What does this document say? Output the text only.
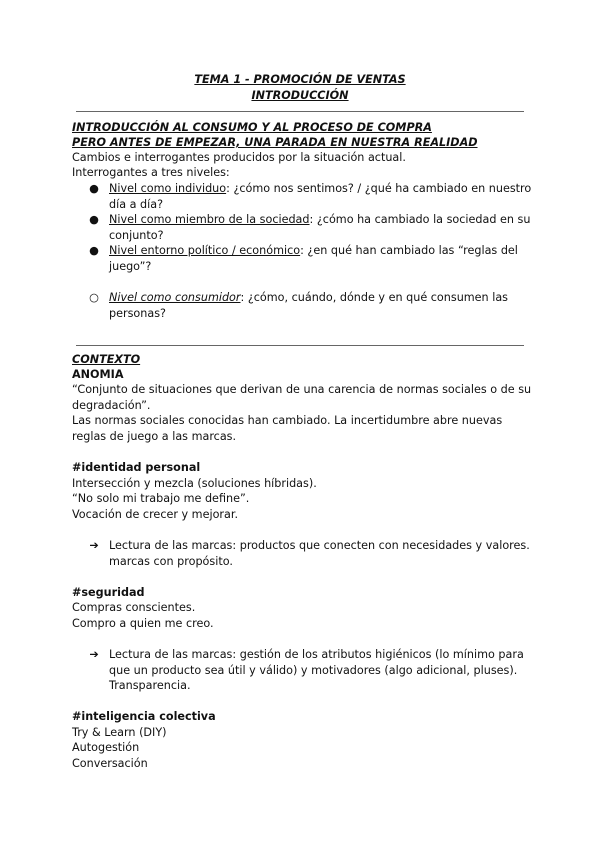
TEMA 1 - PROMOCIÓN DE VENTAS
INTRODUCCIÓN
INTRODUCCIÓN AL CONSUMO Y AL PROCESO DE COMPRA
PERO ANTES DE EMPEZAR, UNA PARADA EN NUESTRA REALIDAD
Cambios e interrogantes producidos por la situación actual.
Interrogantes a tres niveles:
● Nivel como individuo: ¿cómo nos sentimos? / ¿qué ha cambiado en nuestro
día a día?
● Nivel como miembro de la sociedad: ¿cómo ha cambiado la sociedad en su
conjunto?
● Nivel entorno político / económico: ¿en qué han cambiado las “reglas del
juego”?
○ Nivel como consumidor: ¿cómo, cuándo, dónde y en qué consumen las
personas?
CONTEXTO
ANOMIA
“Conjunto de situaciones que derivan de una carencia de normas sociales o de su
degradación”.
Las normas sociales conocidas han cambiado. La incertidumbre abre nuevas
reglas de juego a las marcas.
#identidad personal
Intersección y mezcla (soluciones híbridas).
“No solo mi trabajo me define”.
Vocación de crecer y mejorar.
➔ Lectura de las marcas: productos que conecten con necesidades y valores.
marcas con propósito.
#seguridad
Compras conscientes.
Compro a quien me creo.
➔ Lectura de las marcas: gestión de los atributos higiénicos (lo mínimo para
que un producto sea útil y válido) y motivadores (algo adicional, pluses).
Transparencia.
#inteligencia colectiva
Try & Learn (DIY)
Autogestión
Conversación
